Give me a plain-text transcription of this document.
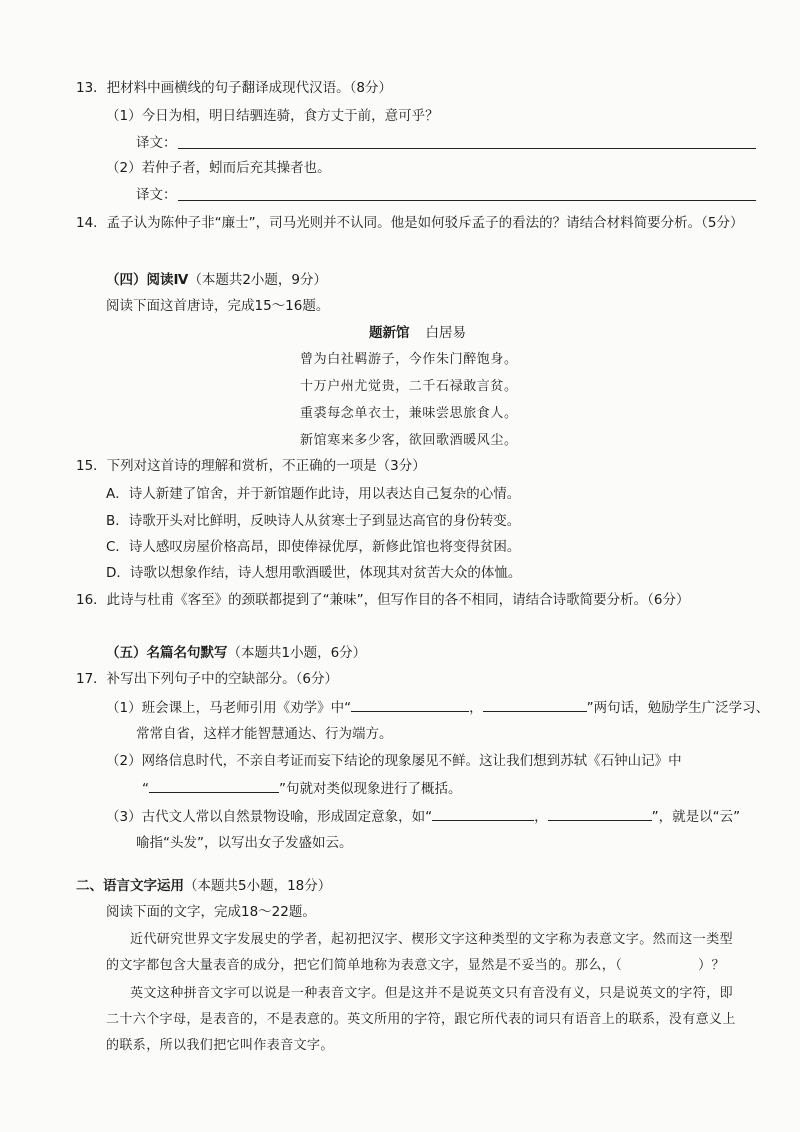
13．把材料中画横线的句子翻译成现代汉语。（8分）
（1）今日为相，明日结驷连骑，食方丈于前，意可乎？
译文：
（2）若仲子者，蚓而后充其操者也。
译文：
14．孟子认为陈仲子非“廉士”，司马光则并不认同。他是如何驳斥孟子的看法的？请结合材料简要分析。（5分）
（四）阅读Ⅳ（本题共2小题，9分）
阅读下面这首唐诗，完成15～16题。
题新馆 白居易
曾为白社羁游子，今作朱门醉饱身。
十万户州尤觉贵，二千石禄敢言贫。
重裘每念单衣士，兼味尝思旅食人。
新馆寒来多少客，欲回歌酒暖风尘。
15．下列对这首诗的理解和赏析，不正确的一项是（3分）
A．诗人新建了馆舍，并于新馆题作此诗，用以表达自己复杂的心情。
B．诗歌开头对比鲜明，反映诗人从贫寒士子到显达高官的身份转变。
C．诗人感叹房屋价格高昂，即使俸禄优厚，新修此馆也将变得贫困。
D．诗歌以想象作结，诗人想用歌酒暖世，体现其对贫苦大众的体恤。
16．此诗与杜甫《客至》的颈联都提到了“兼味”，但写作目的各不相同，请结合诗歌简要分析。（6分）
（五）名篇名句默写（本题共1小题，6分）
17．补写出下列句子中的空缺部分。（6分）
（1）班会课上，马老师引用《劝学》中“	，	”两句话，勉励学生广泛学习、
常常自省，这样才能智慧通达、行为端方。
（2）网络信息时代，不亲自考证而妄下结论的现象屡见不鲜。这让我们想到苏轼《石钟山记》中
“	”句就对类似现象进行了概括。
（3）古代文人常以自然景物设喻，形成固定意象，如“	，	”，就是以“云”
喻指“头发”，以写出女子发盛如云。
二、语言文字运用（本题共5小题，18分）
阅读下面的文字，完成18～22题。
近代研究世界文字发展史的学者，起初把汉字、楔形文字这种类型的文字称为表意文字。然而这一类型
的文字都包含大量表音的成分，把它们简单地称为表意文字，显然是不妥当的。那么，（	）？
英文这种拼音文字可以说是一种表音文字。但是这并不是说英文只有音没有义，只是说英文的字符，即
二十六个字母，是表音的，不是表意的。英文所用的字符，跟它所代表的词只有语音上的联系，没有意义上
的联系，所以我们把它叫作表音文字。
